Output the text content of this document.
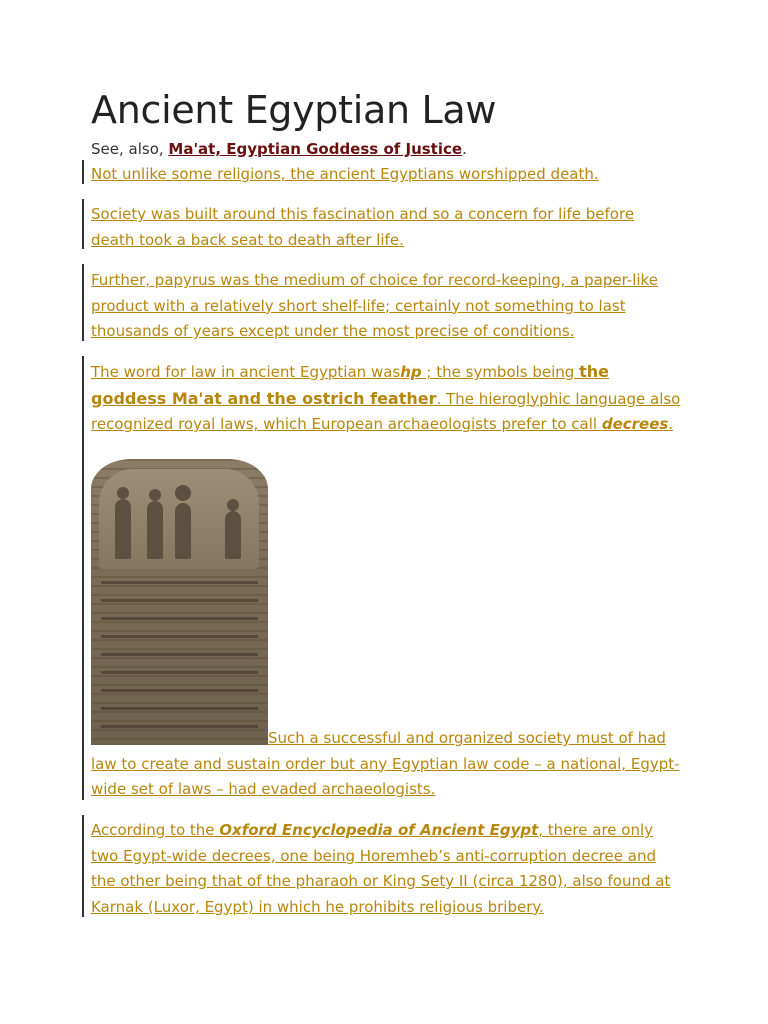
Ancient Egyptian Law

See, also, Ma'at, Egyptian Goddess of Justice.

Not unlike some religions, the ancient Egyptians worshipped death.

Society was built around this fascination and so a concern for life before death took a back seat to death after life.

Further, papyrus was the medium of choice for record-keeping, a paper-like product with a relatively short shelf-life; certainly not something to last thousands of years except under the most precise of conditions.

The word for law in ancient Egyptian washp ; the symbols being the goddess Ma'at and the ostrich feather. The hieroglyphic language also recognized royal laws, which European archaeologists prefer to call decrees.

Such a successful and organized society must of had law to create and sustain order but any Egyptian law code – a national, Egypt-wide set of laws – had evaded archaeologists.

According to the Oxford Encyclopedia of Ancient Egypt, there are only two Egypt-wide decrees, one being Horemheb’s anti-corruption decree and the other being that of the pharaoh or King Sety II (circa 1280), also found at Karnak (Luxor, Egypt) in which he prohibits religious bribery.
